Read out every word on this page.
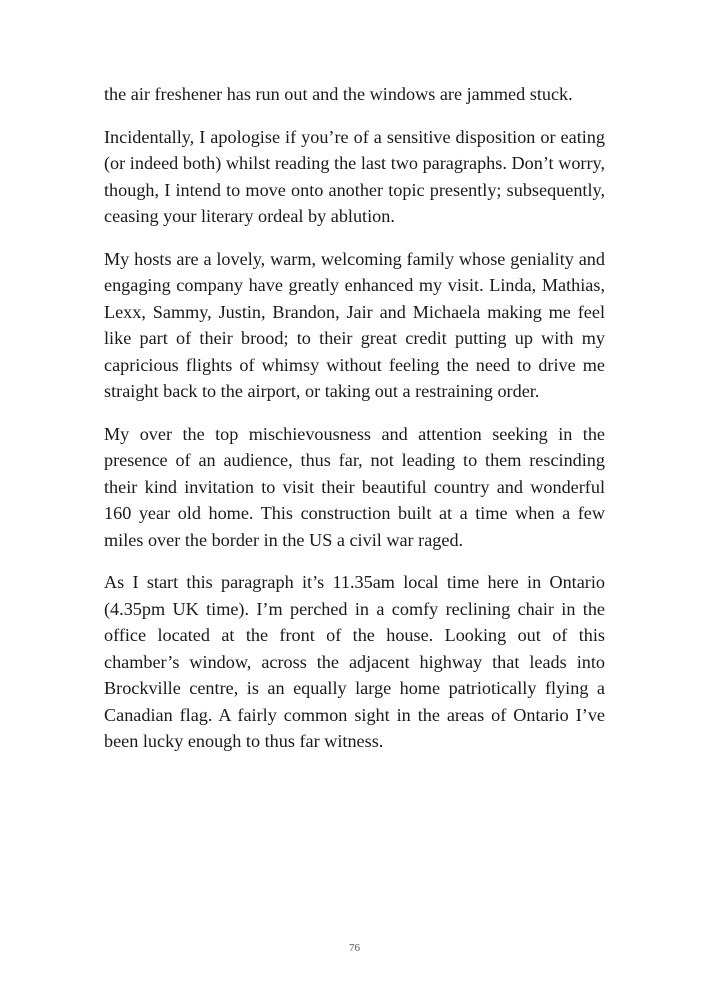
the air freshener has run out and the windows are jammed stuck.

Incidentally, I apologise if you’re of a sensitive disposition or eating (or indeed both) whilst reading the last two paragraphs. Don’t worry, though, I intend to move onto another topic presently; subsequently, ceasing your literary ordeal by ablution.

My hosts are a lovely, warm, welcoming family whose geniality and engaging company have greatly enhanced my visit. Linda, Mathias, Lexx, Sammy, Justin, Brandon, Jair and Michaela making me feel like part of their brood; to their great credit putting up with my capricious flights of whimsy without feeling the need to drive me straight back to the airport, or taking out a restraining order.

My over the top mischievousness and attention seeking in the presence of an audience, thus far, not leading to them rescinding their kind invitation to visit their beautiful country and wonderful 160 year old home. This construction built at a time when a few miles over the border in the US a civil war raged.

As I start this paragraph it’s 11.35am local time here in Ontario (4.35pm UK time). I’m perched in a comfy reclining chair in the office located at the front of the house. Looking out of this chamber’s window, across the adjacent highway that leads into Brockville centre, is an equally large home patriotically flying a Canadian flag. A fairly common sight in the areas of Ontario I’ve been lucky enough to thus far witness.

76
